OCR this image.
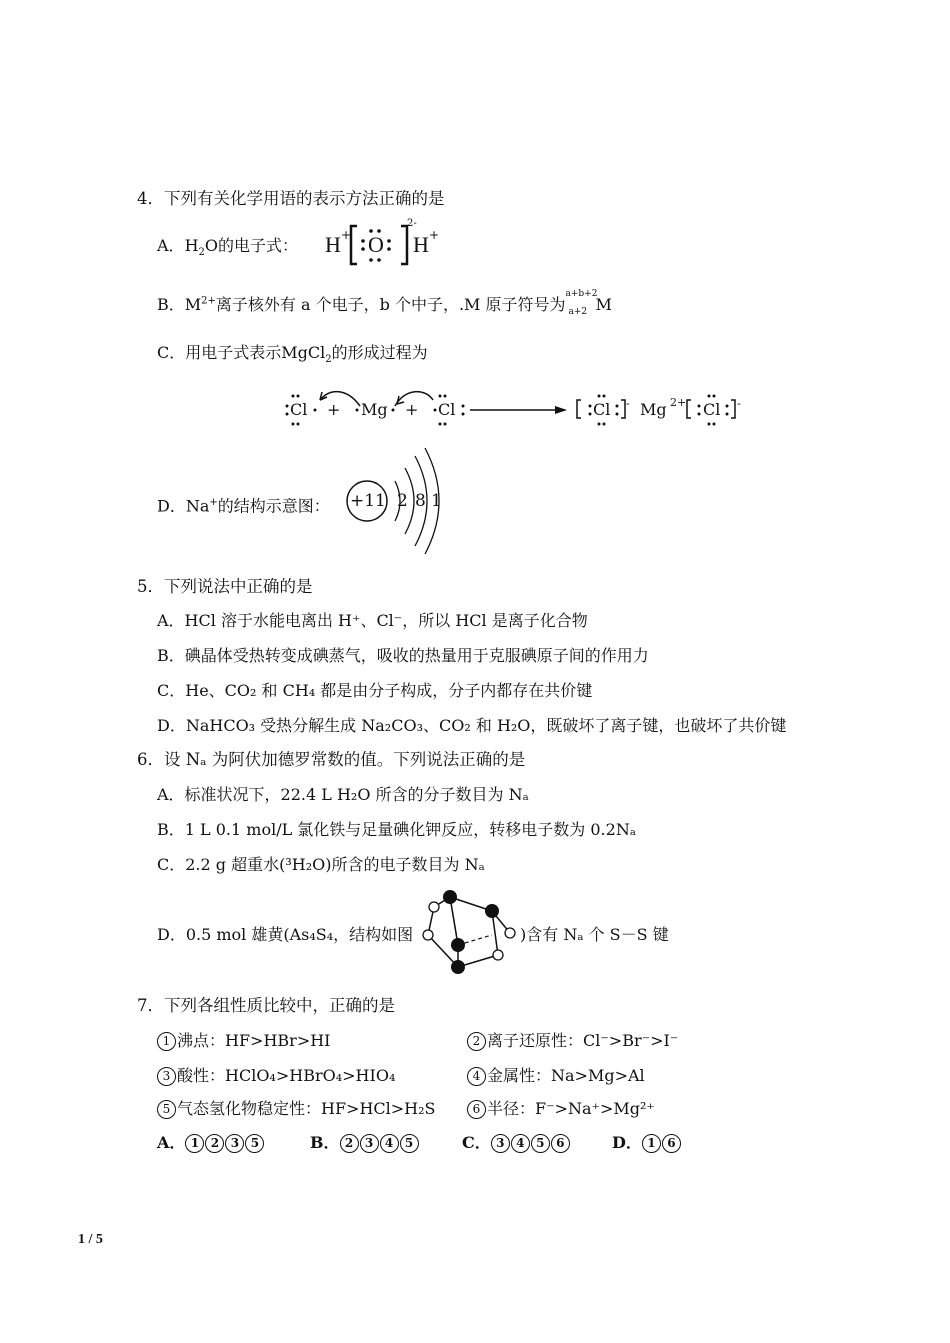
4．下列有关化学用语的表示方法正确的是
A．$H_2O$的电子式： H + O
2-
H +
B．$M^{2+}$离子核外有 a 个电子，b 个中子，.M 原子符号为
a+b+2
a+2 M
C．用电子式表示MgCl$_2$的形成过程为
Cl + Mg + Cl	Cl - Mg 2+ Cl -
D．Na+的结构示意图： +11 2 8 1
5．下列说法中正确的是
A．HCl 溶于水能电离出 H⁺、Cl⁻，所以 HCl 是离子化合物
B．碘晶体受热转变成碘蒸气，吸收的热量用于克服碘原子间的作用力
C．He、CO₂ 和 CH₄ 都是由分子构成，分子内都存在共价键
D．NaHCO₃ 受热分解生成 Na₂CO₃、CO₂ 和 H₂O，既破坏了离子键，也破坏了共价键
6．设 Nₐ 为阿伏加德罗常数的值。下列说法正确的是
A．标准状况下，22.4 L H₂O 所含的分子数目为 Nₐ
B．1 L 0.1 mol/L 氯化铁与足量碘化钾反应，转移电子数为 0.2Nₐ
C．2.2 g 超重水(³H₂O)所含的电子数目为 Nₐ
D．0.5 mol 雄黄(As₄S₄，结构如图	)含有 Nₐ 个 S－S 键
7．下列各组性质比较中，正确的是
1 沸点：HF>HBr>HI	2 离子还原性：Cl⁻>Br⁻>I⁻
3 酸性：HClO₄>HBrO₄>HIO₄	4 金属性：Na>Mg>Al
5 气态氢化物稳定性：HF>HCl>H₂S	6 半径：F⁻>Na⁺>Mg²⁺
A． 1 2 3 5	B． 2 3 4 5	C． 3 4 5 6	D． 1 6
1 / 5
